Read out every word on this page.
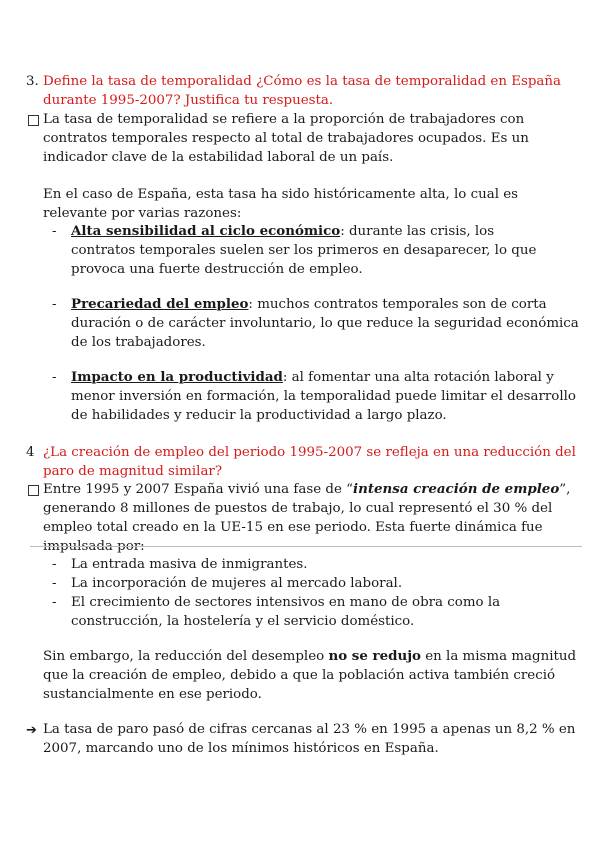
3. Define la tasa de temporalidad ¿Cómo es la tasa de temporalidad en España durante 1995-2007? Justifica tu respuesta.
La tasa de temporalidad se refiere a la proporción de trabajadores con contratos temporales respecto al total de trabajadores ocupados. Es un indicador clave de la estabilidad laboral de un país.
En el caso de España, esta tasa ha sido históricamente alta, lo cual es relevante por varias razones:
- Alta sensibilidad al ciclo económico: durante las crisis, los contratos temporales suelen ser los primeros en desaparecer, lo que provoca una fuerte destrucción de empleo.
- Precariedad del empleo: muchos contratos temporales son de corta duración o de carácter involuntario, lo que reduce la seguridad económica de los trabajadores.
- Impacto en la productividad: al fomentar una alta rotación laboral y menor inversión en formación, la temporalidad puede limitar el desarrollo de habilidades y reducir la productividad a largo plazo.
4 ¿La creación de empleo del periodo 1995-2007 se refleja en una reducción del paro de magnitud similar?
Entre 1995 y 2007 España vivió una fase de “intensa creación de empleo”, generando 8 millones de puestos de trabajo, lo cual representó el 30 % del empleo total creado en la UE-15 en ese periodo. Esta fuerte dinámica fue impulsada por:
- La entrada masiva de inmigrantes.
- La incorporación de mujeres al mercado laboral.
- El crecimiento de sectores intensivos en mano de obra como la construcción, la hostelería y el servicio doméstico.
Sin embargo, la reducción del desempleo no se redujo en la misma magnitud que la creación de empleo, debido a que la población activa también creció sustancialmente en ese periodo.
➔ La tasa de paro pasó de cifras cercanas al 23 % en 1995 a apenas un 8,2 % en 2007, marcando uno de los mínimos históricos en España.
